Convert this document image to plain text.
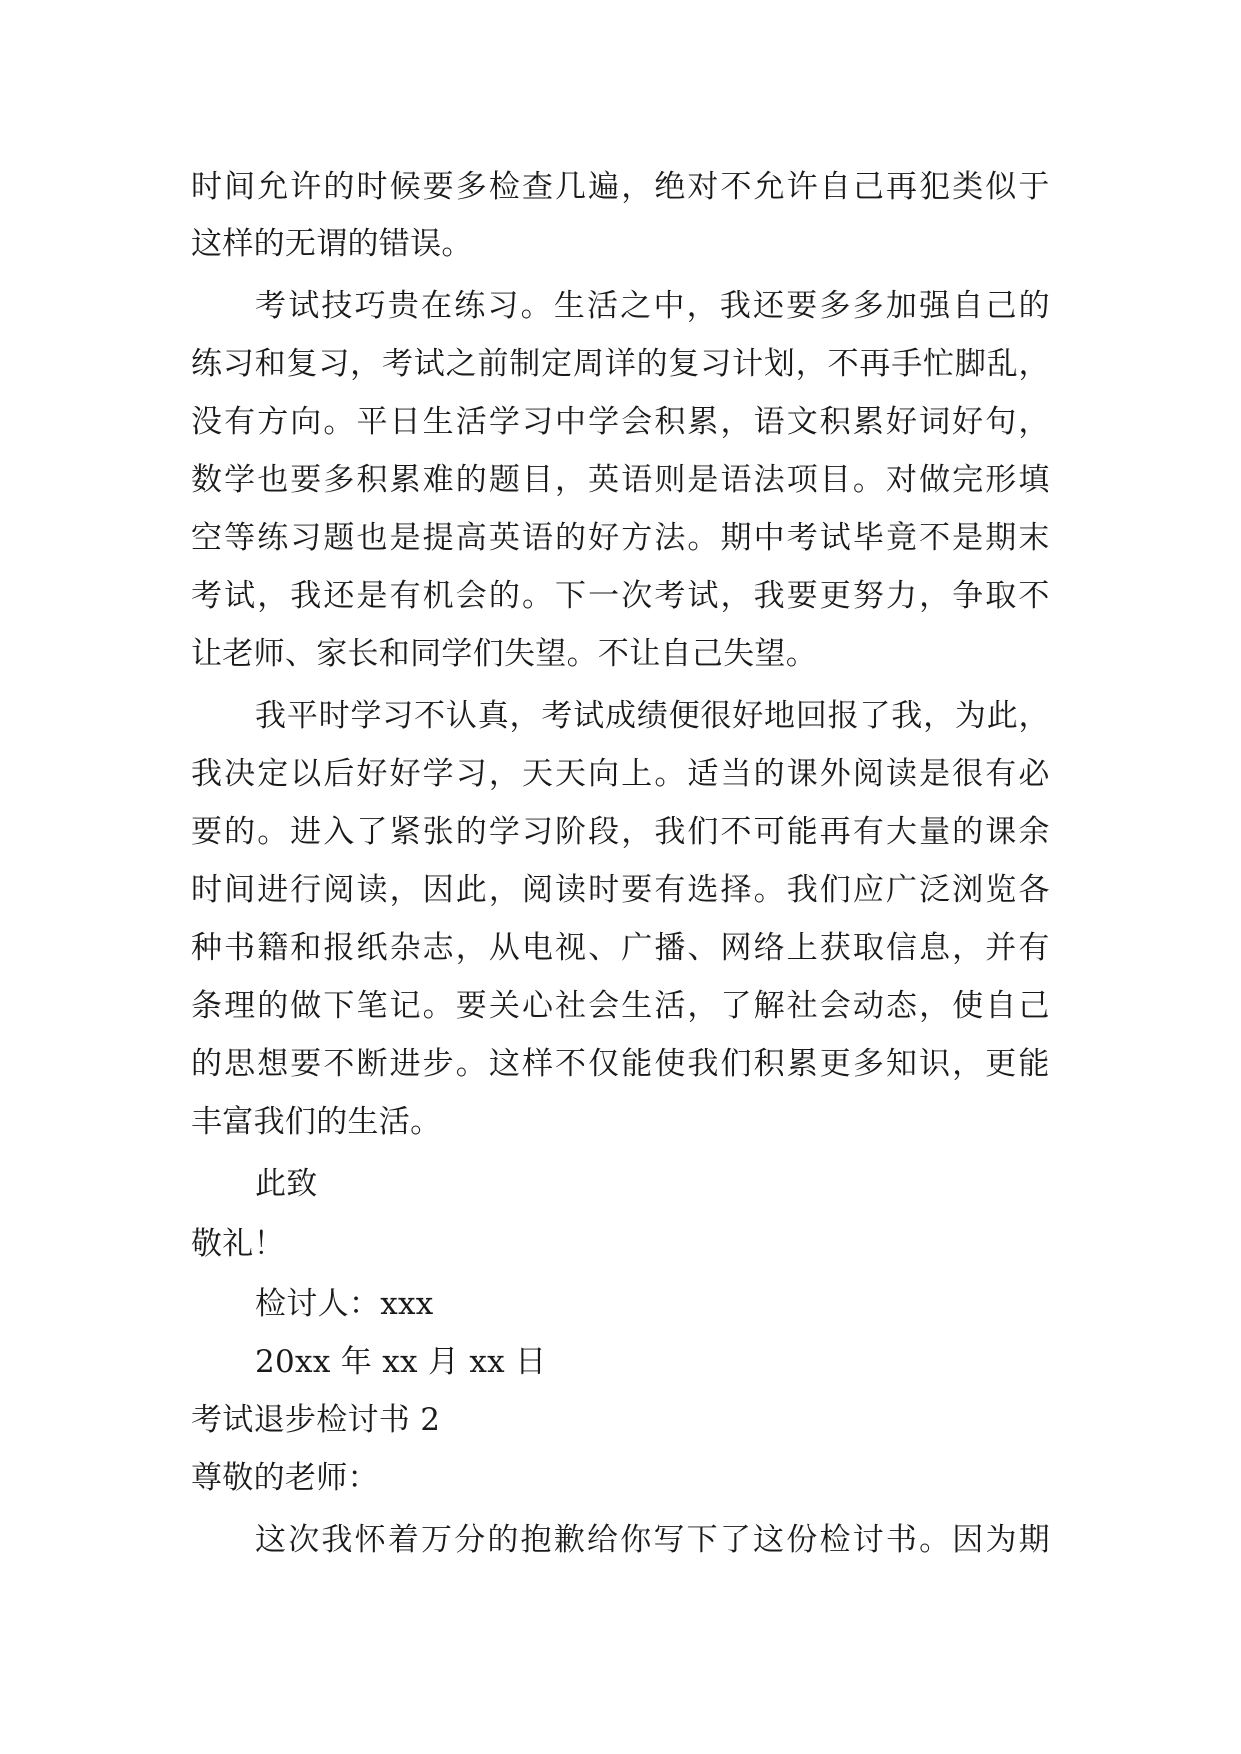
时 间 允 许 的 时 候 要 多 检 查 几 遍 ， 绝 对 不 允 许 自 己 再 犯 类 似 于
这样的无谓的错误。
考 试 技 巧 贵 在 练 习 。 生 活 之 中 ， 我 还 要 多 多 加 强 自 己 的
练 习 和 复 习 ， 考 试 之 前 制 定 周 详 的 复 习 计 划 ， 不 再 手 忙 脚 乱 ，
没 有 方 向 。 平 日 生 活 学 习 中 学 会 积 累 ， 语 文 积 累 好 词 好 句 ，
数 学 也 要 多 积 累 难 的 题 目 ， 英 语 则 是 语 法 项 目 。 对 做 完 形 填
空 等 练 习 题 也 是 提 高 英 语 的 好 方 法 。 期 中 考 试 毕 竟 不 是 期 末
考 试 ， 我 还 是 有 机 会 的 。 下 一 次 考 试 ， 我 要 更 努 力 ， 争 取 不
让老师、家长和同学们失望。不让自己失望。
我 平 时 学 习 不 认 真 ， 考 试 成 绩 便 很 好 地 回 报 了 我 ， 为 此 ，
我 决 定 以 后 好 好 学 习 ， 天 天 向 上 。 适 当 的 课 外 阅 读 是 很 有 必
要 的 。 进 入 了 紧 张 的 学 习 阶 段 ， 我 们 不 可 能 再 有 大 量 的 课 余
时 间 进 行 阅 读 ， 因 此 ， 阅 读 时 要 有 选 择 。 我 们 应 广 泛 浏 览 各
种 书 籍 和 报 纸 杂 志 ， 从 电 视 、 广 播 、 网 络 上 获 取 信 息 ， 并 有
条 理 的 做 下 笔 记 。 要 关 心 社 会 生 活 ， 了 解 社 会 动 态 ， 使 自 己
的 思 想 要 不 断 进 步 。 这 样 不 仅 能 使 我 们 积 累 更 多 知 识 ， 更 能
丰富我们的生活。
此致
敬礼！
检讨人：xxx
20xx 年 xx 月 xx 日
考试退步检讨书 2
尊敬的老师：
这 次 我 怀 着 万 分 的 抱 歉 给 你 写 下 了 这 份 检 讨 书 。 因 为 期
